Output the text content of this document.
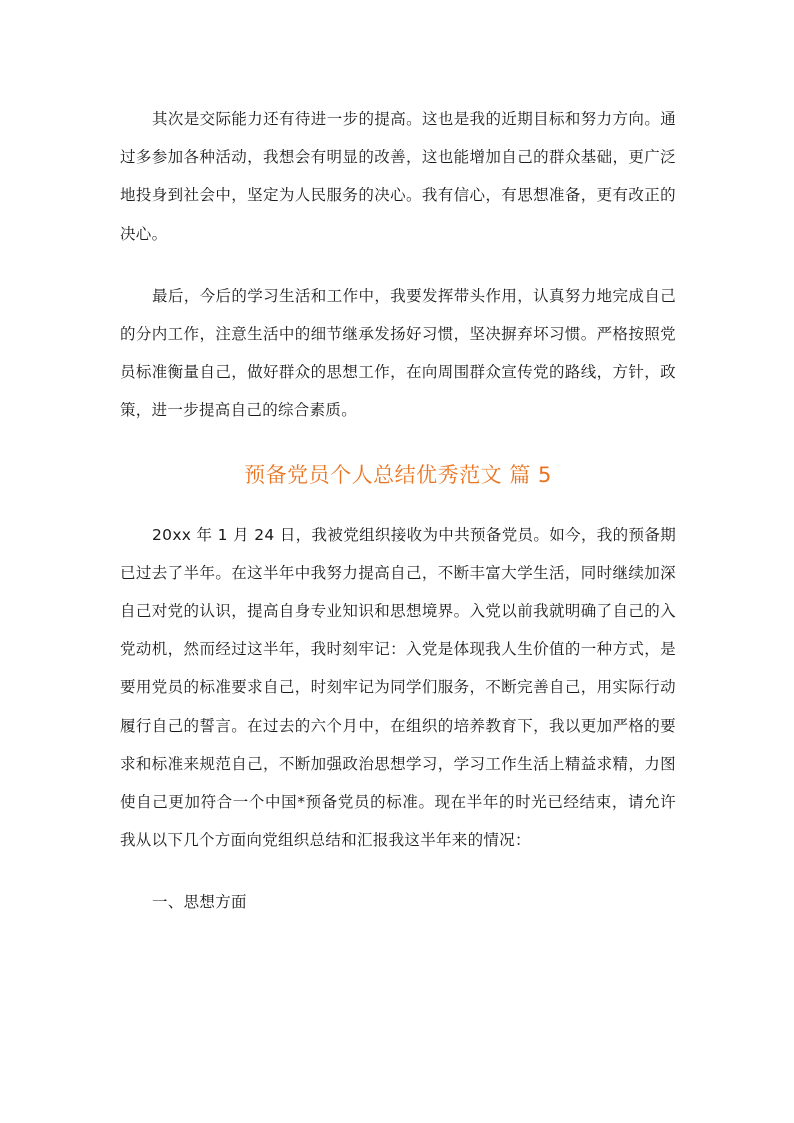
其次是交际能力还有待进一步的提高。这也是我的近期目标和努力方向。通过多参加各种活动，我想会有明显的改善，这也能增加自己的群众基础，更广泛地投身到社会中，坚定为人民服务的决心。我有信心，有思想准备，更有改正的决心。

最后，今后的学习生活和工作中，我要发挥带头作用，认真努力地完成自己的分内工作，注意生活中的细节继承发扬好习惯，坚决摒弃坏习惯。严格按照党员标准衡量自己，做好群众的思想工作，在向周围群众宣传党的路线，方针，政策，进一步提高自己的综合素质。

预备党员个人总结优秀范文 篇 5

20xx 年 1 月 24 日，我被党组织接收为中共预备党员。如今，我的预备期已过去了半年。在这半年中我努力提高自己，不断丰富大学生活，同时继续加深自己对党的认识，提高自身专业知识和思想境界。入党以前我就明确了自己的入党动机，然而经过这半年，我时刻牢记：入党是体现我人生价值的一种方式，是要用党员的标准要求自己，时刻牢记为同学们服务，不断完善自己，用实际行动履行自己的誓言。在过去的六个月中，在组织的培养教育下，我以更加严格的要求和标准来规范自己，不断加强政治思想学习，学习工作生活上精益求精，力图使自己更加符合一个中国*预备党员的标准。现在半年的时光已经结束，请允许我从以下几个方面向党组织总结和汇报我这半年来的情况：

一、思想方面
